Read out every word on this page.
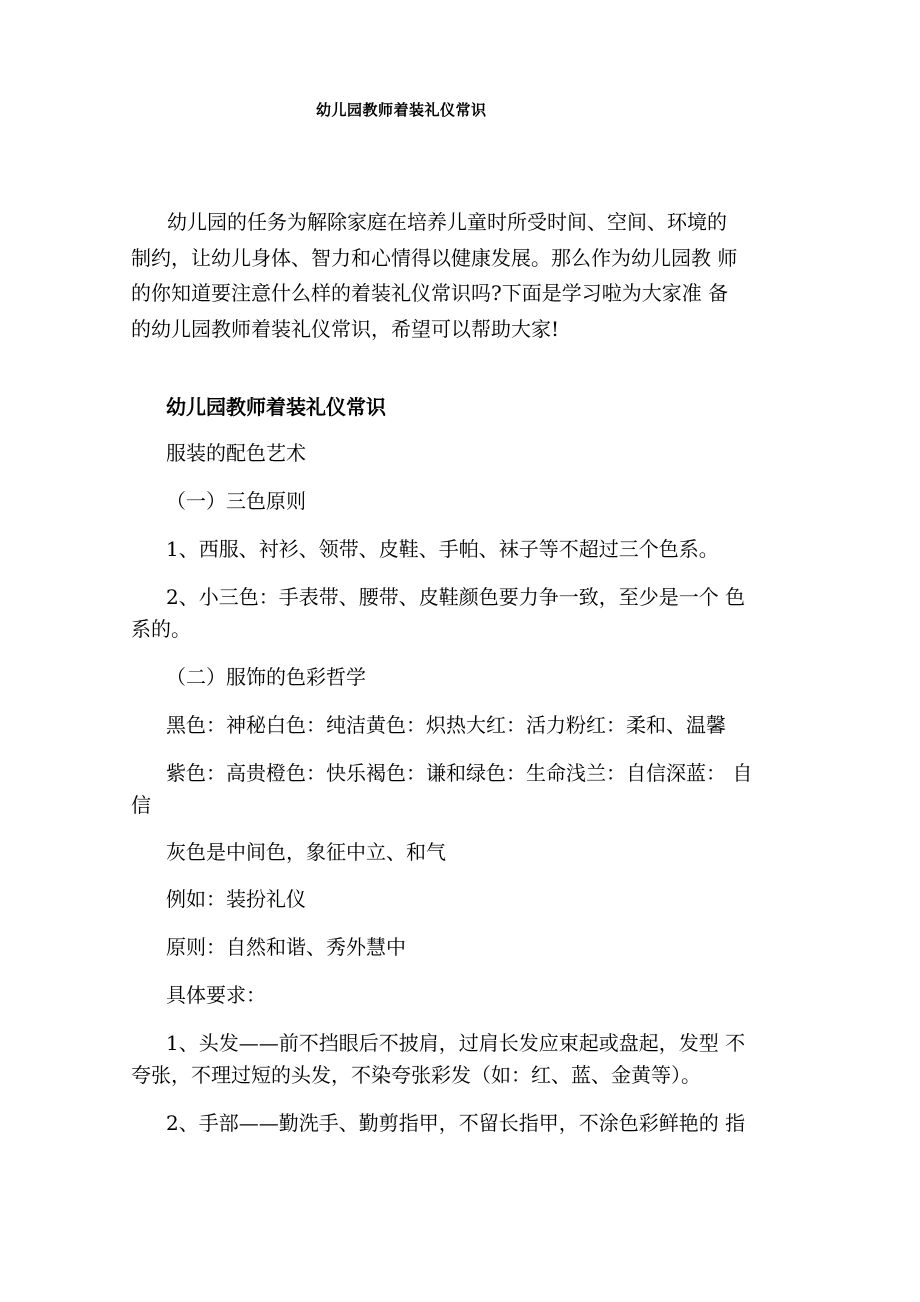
幼儿园教师着装礼仪常识
幼儿园的任务为解除家庭在培养儿童时所受时间、空间、环境的
制约，让幼儿身体、智力和心情得以健康发展。那么作为幼儿园教 师
的你知道要注意什么样的着装礼仪常识吗?下面是学习啦为大家准 备
的幼儿园教师着装礼仪常识，希望可以帮助大家!
幼儿园教师着装礼仪常识
服装的配色艺术
（一）三色原则
1、西服、衬衫、领带、皮鞋、手帕、袜子等不超过三个色系。
2、小三色：手表带、腰带、皮鞋颜色要力争一致，至少是一个 色
系的。
（二）服饰的色彩哲学
黑色：神秘白色：纯洁黄色：炽热大红：活力粉红：柔和、温馨
紫色：高贵橙色：快乐褐色：谦和绿色：生命浅兰：自信深蓝： 自
信
灰色是中间色，象征中立、和气
例如：装扮礼仪
原则：自然和谐、秀外慧中
具体要求：
1、头发——前不挡眼后不披肩，过肩长发应束起或盘起，发型 不
夸张，不理过短的头发，不染夸张彩发（如：红、蓝、金黄等）。
2、手部——勤洗手、勤剪指甲，不留长指甲，不涂色彩鲜艳的 指
